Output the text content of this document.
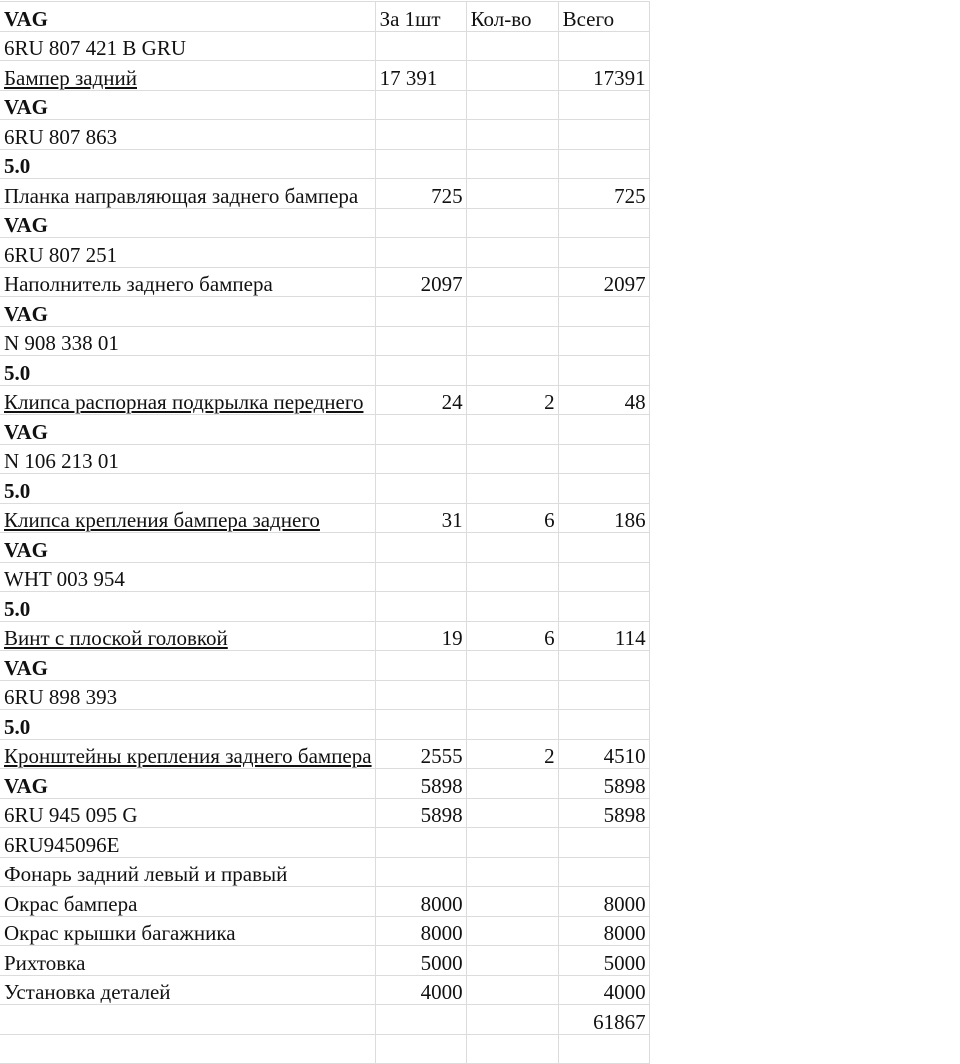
VAG	За 1шт	Кол-во	Всего
6RU 807 421 B GRU			
Бампер задний	17 391		17391
VAG			
6RU 807 863			
5.0			
Планка направляющая заднего бампера	725		725
VAG			
6RU 807 251			
Наполнитель заднего бампера	2097		2097
VAG			
N 908 338 01			
5.0			
Клипса распорная подкрылка переднего	24	2	48
VAG			
N 106 213 01			
5.0			
Клипса крепления бампера заднего	31	6	186
VAG			
WHT 003 954			
5.0			
Винт с плоской головкой	19	6	114
VAG			
6RU 898 393			
5.0			
Кронштейны крепления заднего бампера	2555	2	4510
VAG	5898		5898
6RU 945 095 G	5898		5898
6RU945096E			
Фонарь задний левый и правый			
Окрас бампера	8000		8000
Окрас крышки багажника	8000		8000
Рихтовка	5000		5000
Установка деталей	4000		4000
			61867
